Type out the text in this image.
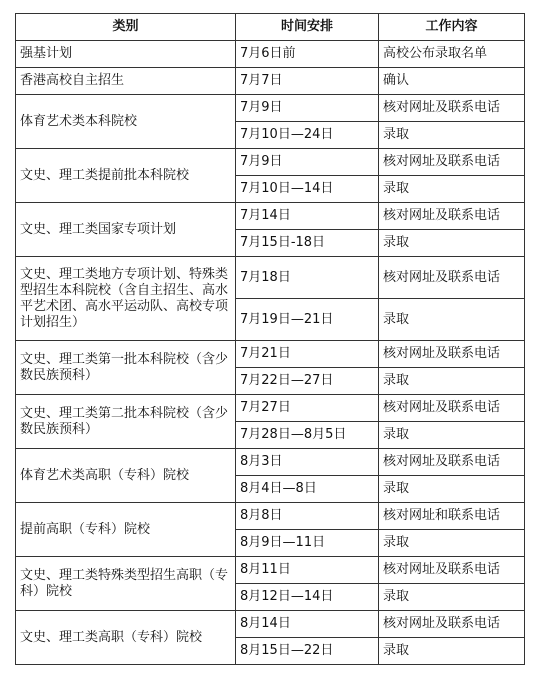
类别	时间安排	工作内容
强基计划	7月6日前	高校公布录取名单
香港高校自主招生	7月7日	确认
体育艺术类本科院校	7月9日	核对网址及联系电话
	7月10日—24日	录取
文史、理工类提前批本科院校	7月9日	核对网址及联系电话
	7月10日—14日	录取
文史、理工类国家专项计划	7月14日	核对网址及联系电话
	7月15日-18日	录取
文史、理工类地方专项计划、特殊类型招生本科院校（含自主招生、高水平艺术团、高水平运动队、高校专项计划招生）	7月18日	核对网址及联系电话
	7月19日—21日	录取
文史、理工类第一批本科院校（含少数民族预科）	7月21日	核对网址及联系电话
	7月22日—27日	录取
文史、理工类第二批本科院校（含少数民族预科）	7月27日	核对网址及联系电话
	7月28日—8月5日	录取
体育艺术类高职（专科）院校	8月3日	核对网址及联系电话
	8月4日—8日	录取
提前高职（专科）院校	8月8日	核对网址和联系电话
	8月9日—11日	录取
文史、理工类特殊类型招生高职（专科）院校	8月11日	核对网址及联系电话
	8月12日—14日	录取
文史、理工类高职（专科）院校	8月14日	核对网址及联系电话
	8月15日—22日	录取
